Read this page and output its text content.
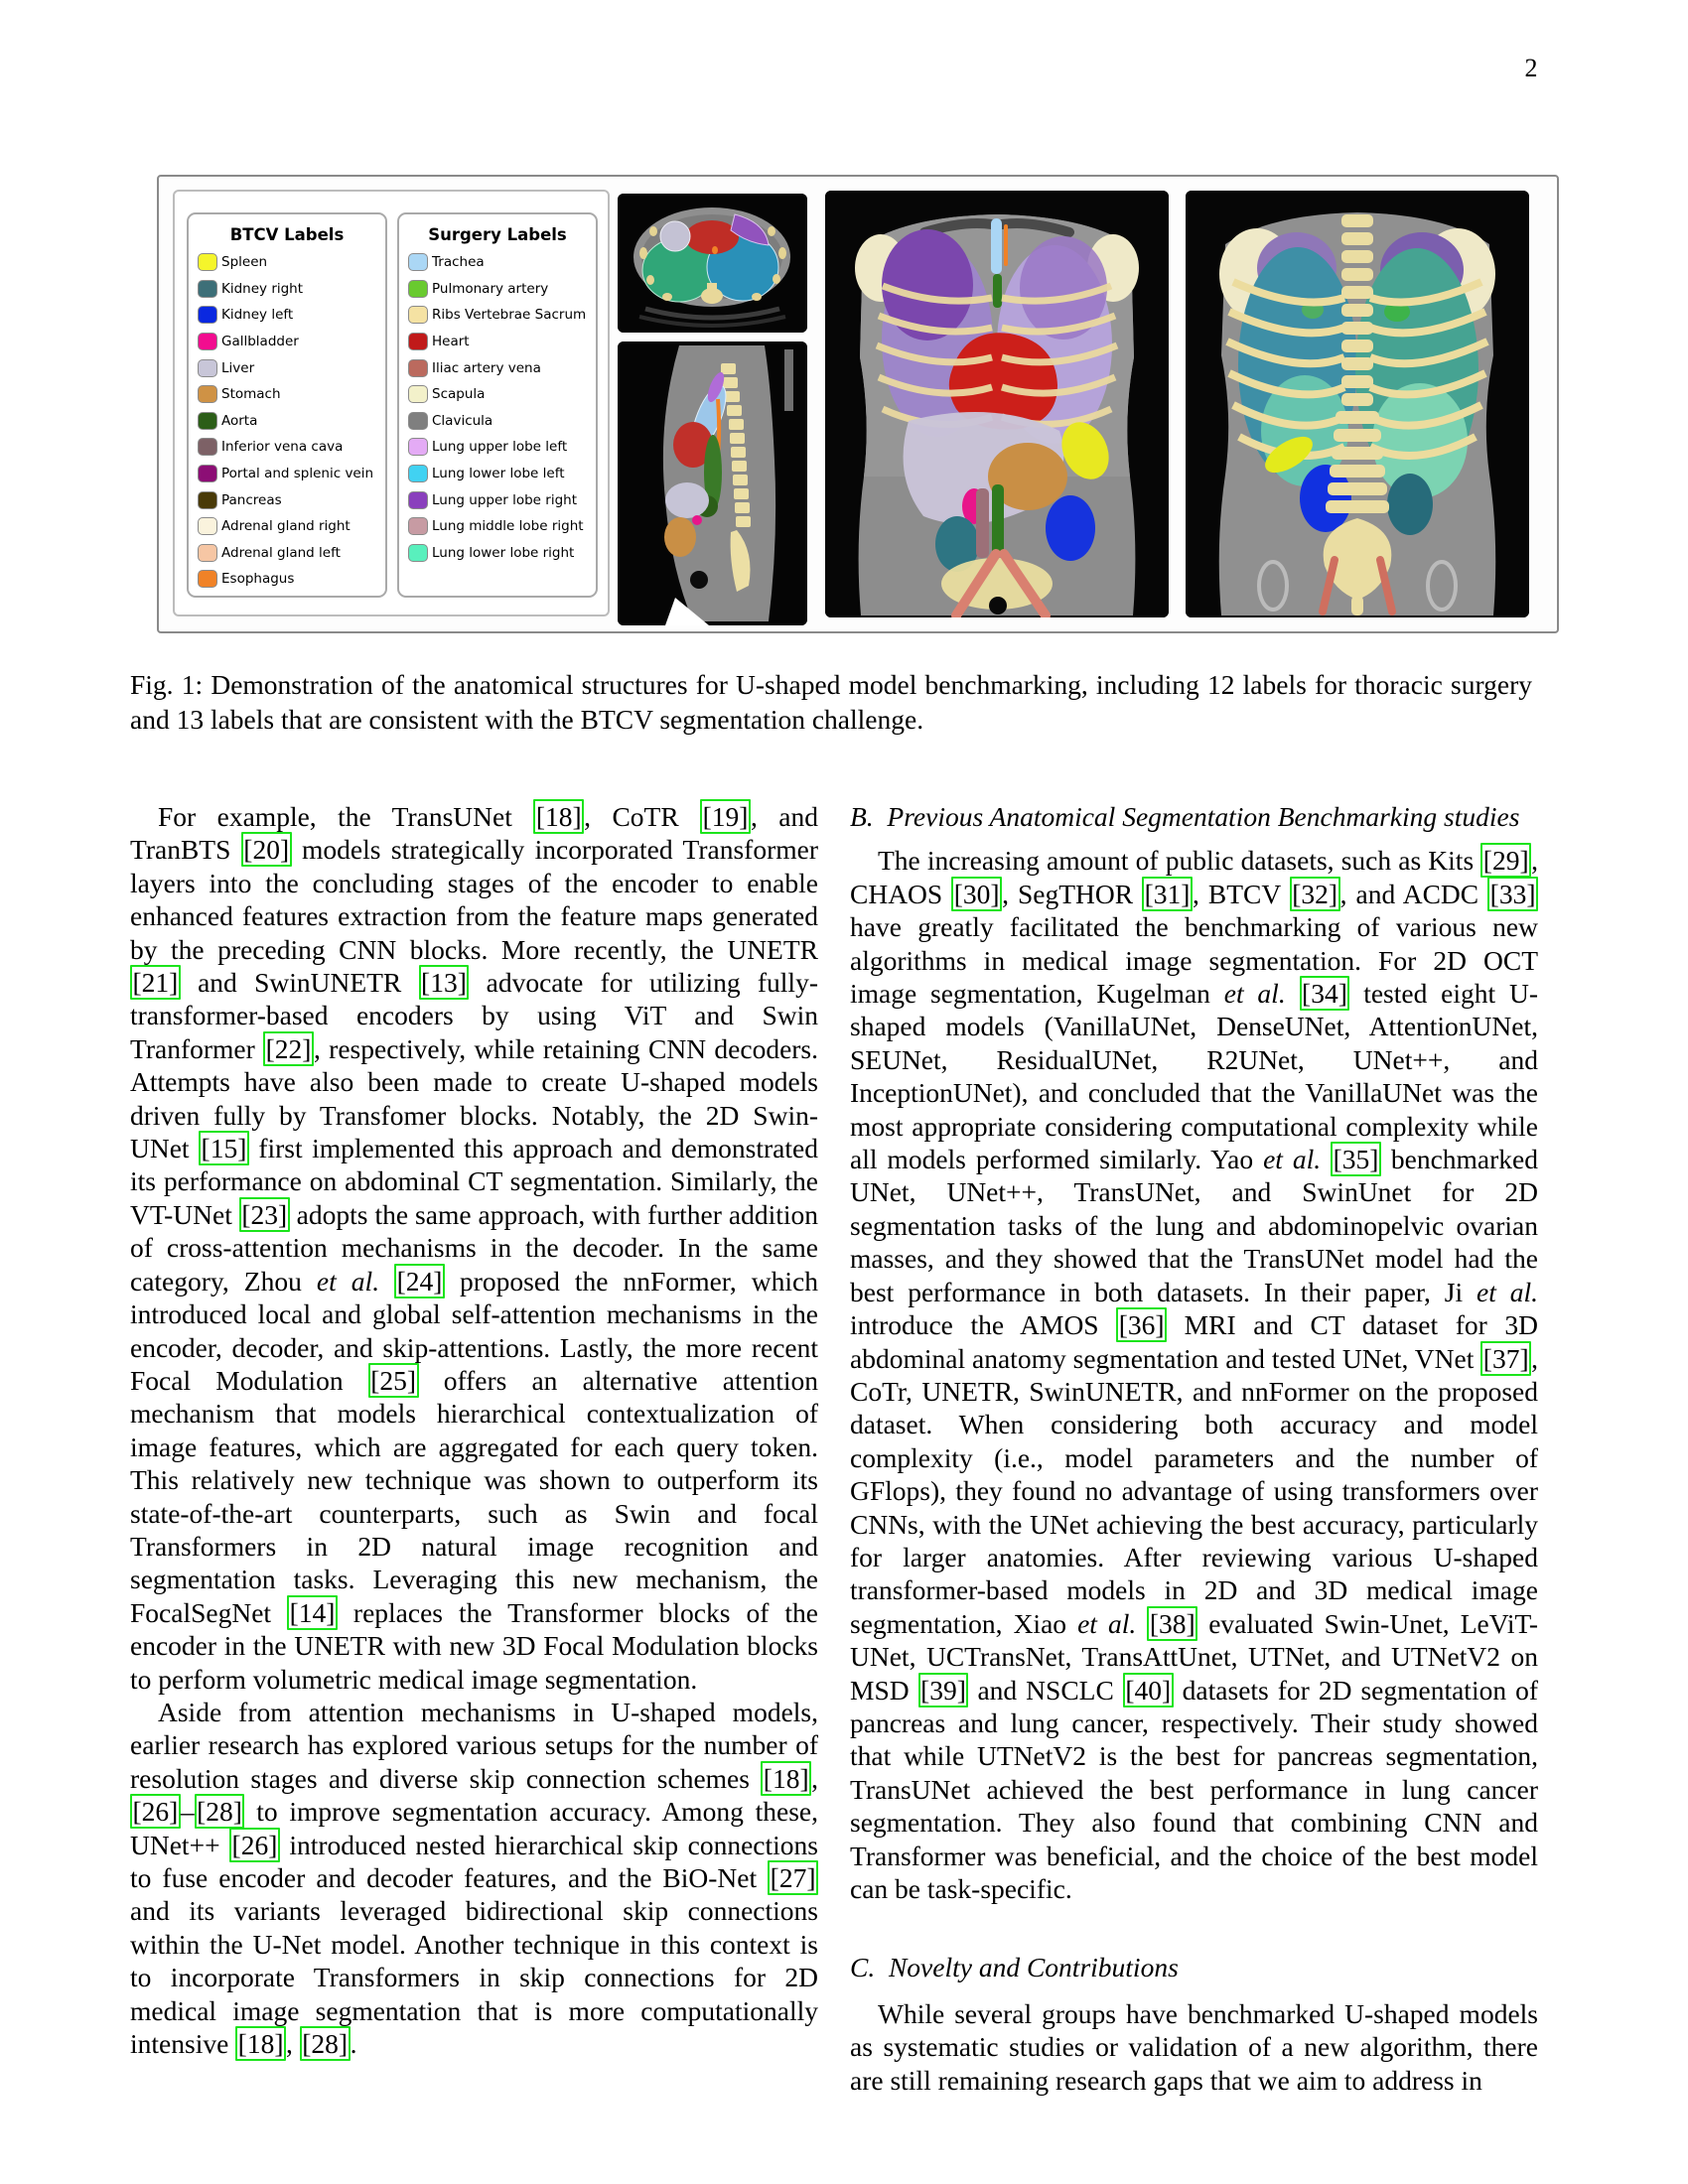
2
BTCV Labels
Spleen
Kidney right
Kidney left
Gallbladder
Liver
Stomach
Aorta
Inferior vena cava
Portal and splenic vein
Pancreas
Adrenal gland right
Adrenal gland left
Esophagus
Surgery Labels
Trachea
Pulmonary artery
Ribs Vertebrae Sacrum
Heart
Iliac artery vena
Scapula
Clavicula
Lung upper lobe left
Lung lower lobe left
Lung upper lobe right
Lung middle lobe right
Lung lower lobe right
Fig. 1: Demonstration of the anatomical structures for U-shaped model benchmarking, including 12 labels for thoracic surgery and 13 labels that are consistent with the BTCV segmentation challenge.

For example, the TransUNet [18], CoTR [19], and TranBTS [20] models strategically incorporated Transformer layers into the concluding stages of the encoder to enable enhanced features extraction from the feature maps generated by the preceding CNN blocks. More recently, the UNETR [21] and SwinUNETR [13] advocate for utilizing fully-transformer-based encoders by using ViT and Swin Tranformer [22], respectively, while retaining CNN decoders. Attempts have also been made to create U-shaped models driven fully by Transfomer blocks. Notably, the 2D Swin-UNet [15] first implemented this approach and demonstrated its performance on abdominal CT segmentation. Similarly, the VT-UNet [23] adopts the same approach, with further addition of cross-attention mechanisms in the decoder. In the same category, Zhou et al. [24] proposed the nnFormer, which introduced local and global self-attention mechanisms in the encoder, decoder, and skip-attentions. Lastly, the more recent Focal Modulation [25] offers an alternative attention mechanism that models hierarchical contextualization of image features, which are aggregated for each query token. This relatively new technique was shown to outperform its state-of-the-art counterparts, such as Swin and focal Transformers in 2D natural image recognition and segmentation tasks. Leveraging this new mechanism, the FocalSegNet [14] replaces the Transformer blocks of the encoder in the UNETR with new 3D Focal Modulation blocks to perform volumetric medical image segmentation.

Aside from attention mechanisms in U-shaped models, earlier research has explored various setups for the number of resolution stages and diverse skip connection schemes [18], [26]–[28] to improve segmentation accuracy. Among these, UNet++ [26] introduced nested hierarchical skip connections to fuse encoder and decoder features, and the BiO-Net [27] and its variants leveraged bidirectional skip connections within the U-Net model. Another technique in this context is to incorporate Transformers in skip connections for 2D medical image segmentation that is more computationally intensive [18], [28].

B. Previous Anatomical Segmentation Benchmarking studies

The increasing amount of public datasets, such as Kits [29], CHAOS [30], SegTHOR [31], BTCV [32], and ACDC [33] have greatly facilitated the benchmarking of various new algorithms in medical image segmentation. For 2D OCT image segmentation, Kugelman et al. [34] tested eight U-shaped models (VanillaUNet, DenseUNet, AttentionUNet, SEUNet, ResidualUNet, R2UNet, UNet++, and InceptionUNet), and concluded that the VanillaUNet was the most appropriate considering computational complexity while all models performed similarly. Yao et al. [35] benchmarked UNet, UNet++, TransUNet, and SwinUnet for 2D segmentation tasks of the lung and abdominopelvic ovarian masses, and they showed that the TransUNet model had the best performance in both datasets. In their paper, Ji et al. introduce the AMOS [36] MRI and CT dataset for 3D abdominal anatomy segmentation and tested UNet, VNet [37], CoTr, UNETR, SwinUNETR, and nnFormer on the proposed dataset. When considering both accuracy and model complexity (i.e., model parameters and the number of GFlops), they found no advantage of using transformers over CNNs, with the UNet achieving the best accuracy, particularly for larger anatomies. After reviewing various U-shaped transformer-based models in 2D and 3D medical image segmentation, Xiao et al. [38] evaluated Swin-Unet, LeViT-UNet, UCTransNet, TransAttUnet, UTNet, and UTNetV2 on MSD [39] and NSCLC [40] datasets for 2D segmentation of pancreas and lung cancer, respectively. Their study showed that while UTNetV2 is the best for pancreas segmentation, TransUNet achieved the best performance in lung cancer segmentation. They also found that combining CNN and Transformer was beneficial, and the choice of the best model can be task-specific.

C. Novelty and Contributions

While several groups have benchmarked U-shaped models as systematic studies or validation of a new algorithm, there are still remaining research gaps that we aim to address in
